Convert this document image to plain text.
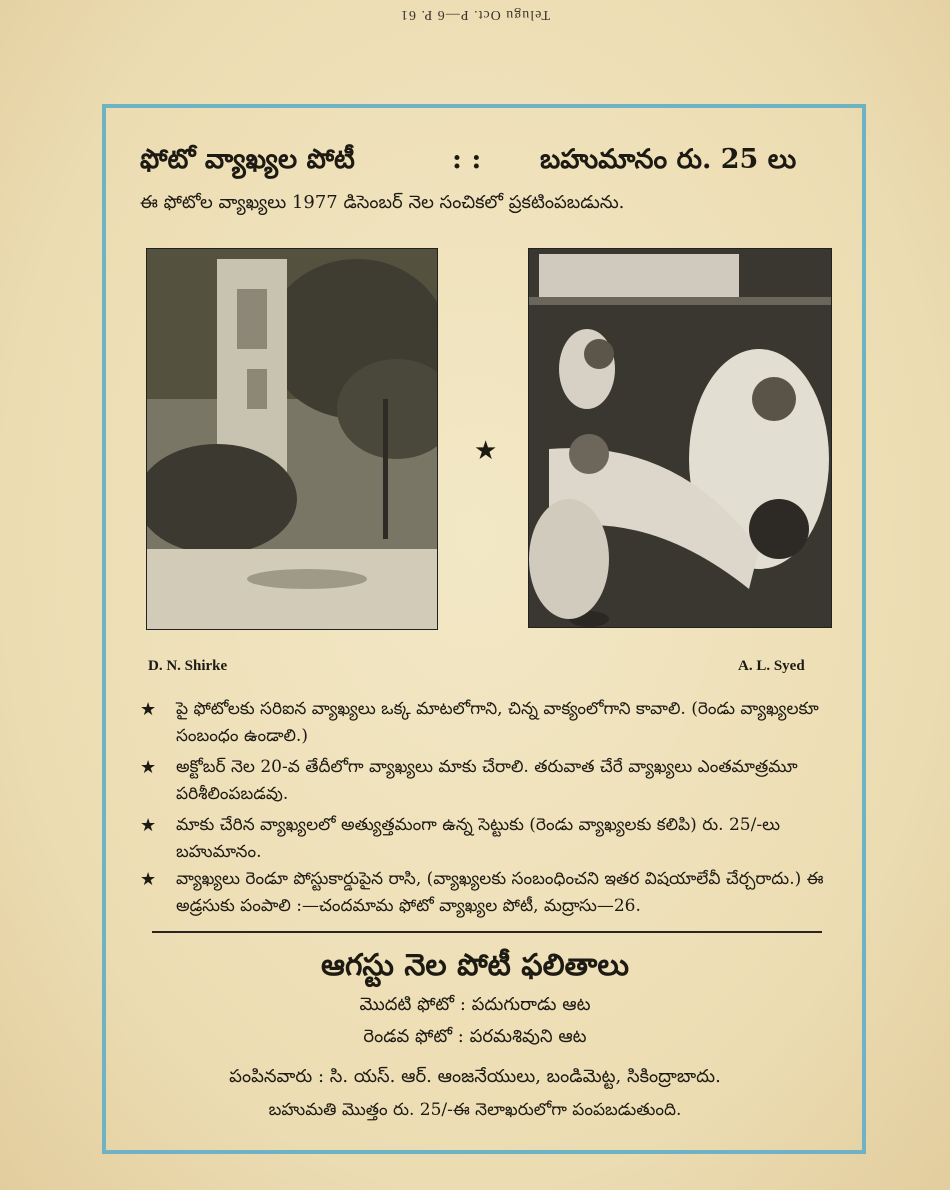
Telugu Oct. P—6 P. 61
ఫోటో వ్యాఖ్యల పోటీ	: : బహుమానం రు. 25 లు
ఈ ఫోటోల వ్యాఖ్యలు 1977 డిసెంబర్ నెల సంచికలో ప్రకటింపబడును.
★
D. N. Shirke	A. L. Syed
★	పై ఫోటోలకు సరిఐన వ్యాఖ్యలు ఒక్క మాటలోగాని, చిన్న వాక్యంలోగాని కావాలి. (రెండు వ్యాఖ్యలకూ సంబంధం ఉండాలి.)
★	అక్టోబర్ నెల 20-వ తేదీలోగా వ్యాఖ్యలు మాకు చేరాలి. తరువాత చేరే వ్యాఖ్యలు ఎంతమాత్రమూ పరిశీలింపబడవు.
★	మాకు చేరిన వ్యాఖ్యలలో అత్యుత్తమంగా ఉన్న సెట్టుకు (రెండు వ్యాఖ్యలకు కలిపి) రు. 25/-లు బహుమానం.
★	వ్యాఖ్యలు రెండూ పోస్టుకార్డుపైన రాసి, (వ్యాఖ్యలకు సంబంధించని ఇతర విషయాలేవీ చేర్చరాదు.) ఈ అడ్రసుకు పంపాలి :—చందమామ ఫోటో వ్యాఖ్యల పోటీ, మద్రాసు—26.
ఆగస్టు నెల పోటీ ఫలితాలు
మొదటి ఫోటో : పదుగురాడు ఆట
రెండవ ఫోటో : పరమశివుని ఆట
పంపినవారు : సి. యస్. ఆర్. ఆంజనేయులు, బండిమెట్ట, సికింద్రాబాదు.
బహుమతి మొత్తం రు. 25/-ఈ నెలాఖరులోగా పంపబడుతుంది.
